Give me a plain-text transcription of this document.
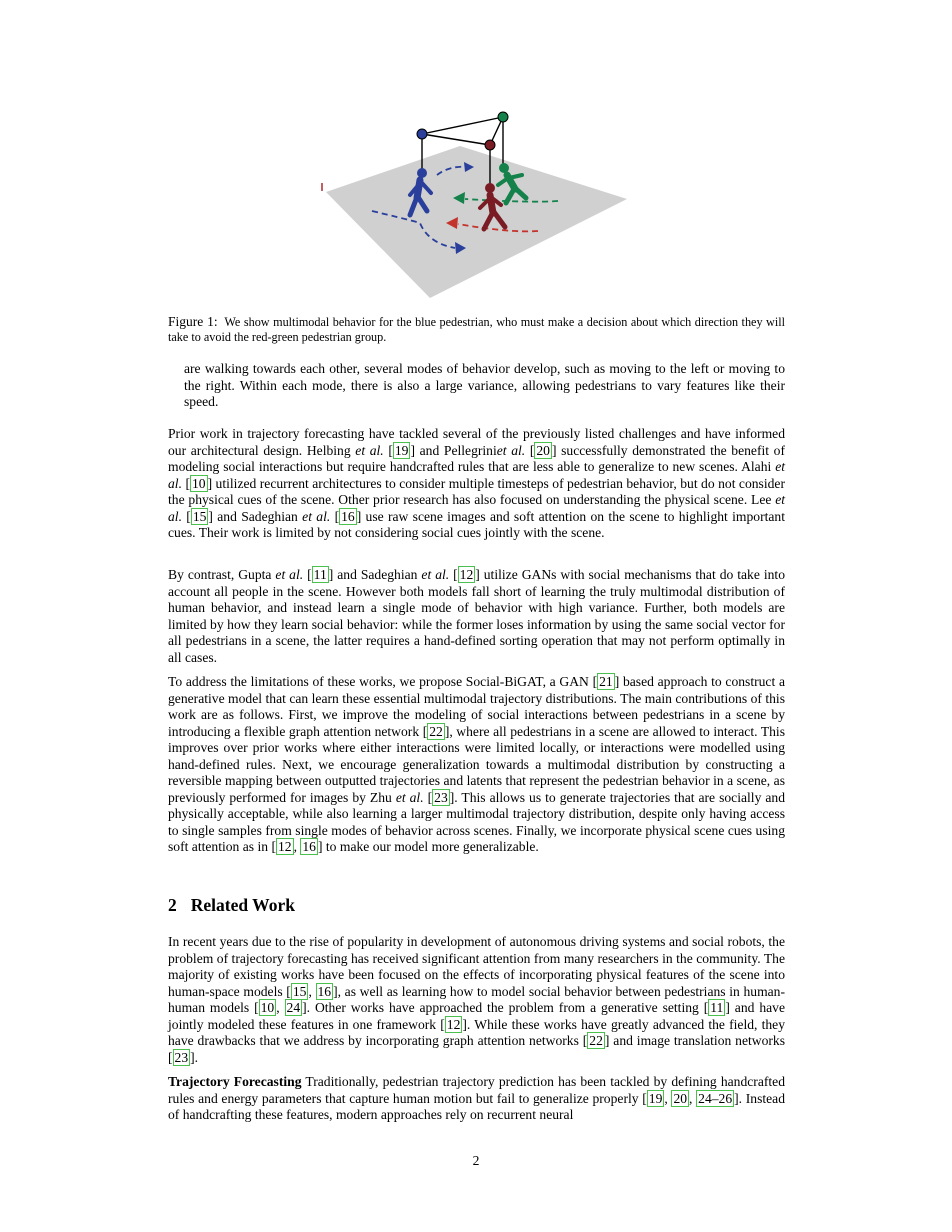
Figure 1: We show multimodal behavior for the blue pedestrian, who must make a decision about which direction they will take to avoid the red-green pedestrian group.

are walking towards each other, several modes of behavior develop, such as moving to the left or moving to the right. Within each mode, there is also a large variance, allowing pedestrians to vary features like their speed.

Prior work in trajectory forecasting have tackled several of the previously listed challenges and have informed our architectural design. Helbing et al. [ 19 ] and Pellegriniet al. [ 20 ] successfully demonstrated the benefit of modeling social interactions but require handcrafted rules that are less able to generalize to new scenes. Alahi et al. [ 10 ] utilized recurrent architectures to consider multiple timesteps of pedestrian behavior, but do not consider the physical cues of the scene. Other prior research has also focused on understanding the physical scene. Lee et al. [ 15 ] and Sadeghian et al. [ 16 ] use raw scene images and soft attention on the scene to highlight important cues. Their work is limited by not considering social cues jointly with the scene.

By contrast, Gupta et al. [ 11 ] and Sadeghian et al. [ 12 ] utilize GANs with social mechanisms that do take into account all people in the scene. However both models fall short of learning the truly multimodal distribution of human behavior, and instead learn a single mode of behavior with high variance. Further, both models are limited by how they learn social behavior: while the former loses information by using the same social vector for all pedestrians in a scene, the latter requires a hand-defined sorting operation that may not perform optimally in all cases.

To address the limitations of these works, we propose Social-BiGAT, a GAN [ 21 ] based approach to construct a generative model that can learn these essential multimodal trajectory distributions. The main contributions of this work are as follows. First, we improve the modeling of social interactions between pedestrians in a scene by introducing a flexible graph attention network [ 22 ], where all pedestrians in a scene are allowed to interact. This improves over prior works where either interactions were limited locally, or interactions were modelled using hand-defined rules. Next, we encourage generalization towards a multimodal distribution by constructing a reversible mapping between outputted trajectories and latents that represent the pedestrian behavior in a scene, as previously performed for images by Zhu et al. [ 23 ]. This allows us to generate trajectories that are socially and physically acceptable, while also learning a larger multimodal trajectory distribution, despite only having access to single samples from single modes of behavior across scenes. Finally, we incorporate physical scene cues using soft attention as in [ 12 , 16 ] to make our model more generalizable.

2 Related Work

In recent years due to the rise of popularity in development of autonomous driving systems and social robots, the problem of trajectory forecasting has received significant attention from many researchers in the community. The majority of existing works have been focused on the effects of incorporating physical features of the scene into human-space models [ 15 , 16 ], as well as learning how to model social behavior between pedestrians in human-human models [ 10 , 24 ]. Other works have approached the problem from a generative setting [ 11 ] and have jointly modeled these features in one framework [ 12 ]. While these works have greatly advanced the field, they have drawbacks that we address by incorporating graph attention networks [ 22 ] and image translation networks [ 23 ].

Trajectory Forecasting Traditionally, pedestrian trajectory prediction has been tackled by defining handcrafted rules and energy parameters that capture human motion but fail to generalize properly [ 19 , 20 , 24–26 ]. Instead of handcrafting these features, modern approaches rely on recurrent neural

2
